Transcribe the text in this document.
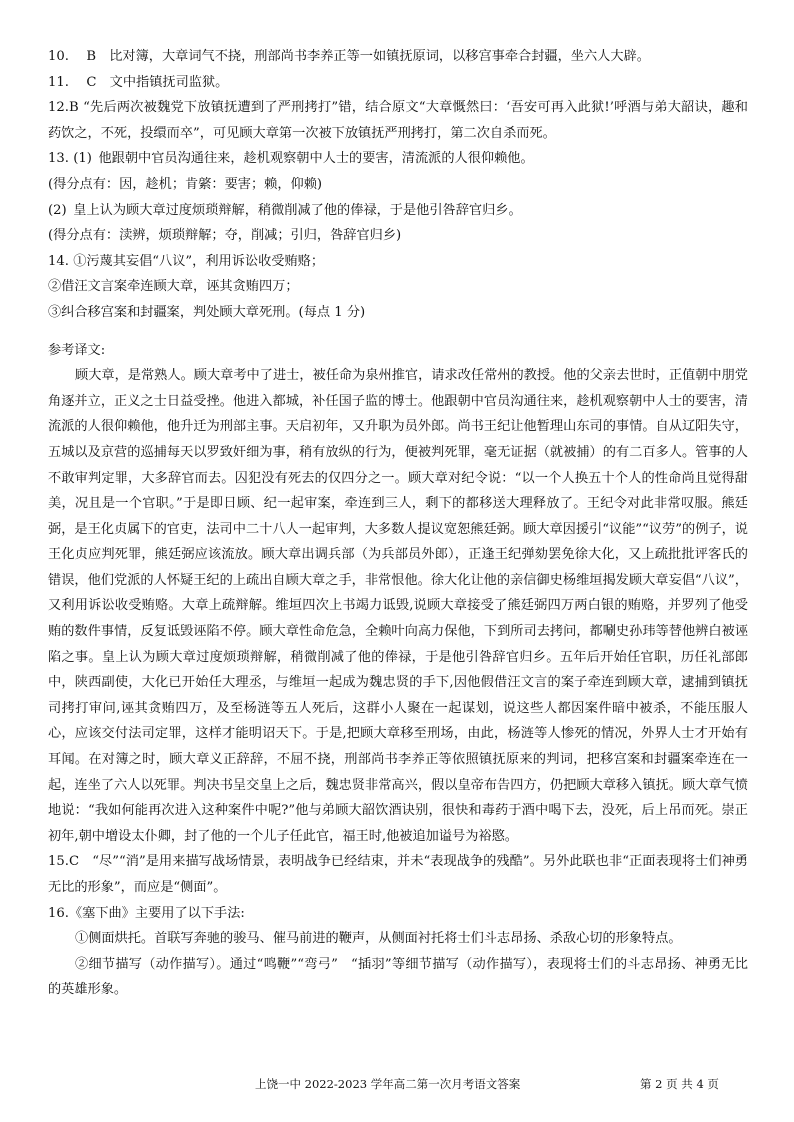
10.  B 比对簿，大章词气不挠，刑部尚书李养正等一如镇抚原词，以移宫事牵合封疆，坐六人大辟。

11.  C 文中指镇抚司监狱。

12.B “先后两次被魏党下放镇抚遭到了严刑拷打”错，结合原文“大章慨然曰：‘吾安可再入此狱!’呼酒与弟大韶诀，趣和药饮之，不死，投缳而卒”，可见顾大章第一次被下放镇抚严刑拷打，第二次自杀而死。

13. (1) 他跟朝中官员沟通往来，趁机观察朝中人士的要害，清流派的人很仰赖他。

(得分点有：因，趁机；肯綮：要害；赖，仰赖)

(2) 皇上认为顾大章过度烦琐辩解，稍微削减了他的俸禄，于是他引咎辞官归乡。

(得分点有：渎辨，烦琐辩解；夺，削减；引归，咎辞官归乡)

14. ①污蔑其妄倡“八议”，利用诉讼收受贿赂；

②借汪文言案牵连顾大章，诬其贪贿四万；

③纠合移宫案和封疆案，判处顾大章死刑。(每点 1 分)

参考译文:

顾大章，是常熟人。顾大章考中了进士，被任命为泉州推官，请求改任常州的教授。他的父亲去世时，正值朝中朋党角逐并立，正义之士日益受挫。他进入都城，补任国子监的博士。他跟朝中官员沟通往来，趁机观察朝中人士的要害，清流派的人很仰赖他，他升迁为刑部主事。天启初年，又升职为员外郎。尚书王纪让他暂理山东司的事情。自从辽阳失守，五城以及京营的巡捕每天以罗致奸细为事，稍有放纵的行为，便被判死罪，毫无证据（就被捕）的有二百多人。管事的人不敢审判定罪，大多辞官而去。囚犯没有死去的仅四分之一。顾大章对纪令说：“以一个人换五十个人的性命尚且觉得甜美，况且是一个官职。”于是即日顾、纪一起审案，牵连到三人，剩下的都移送大理释放了。王纪令对此非常叹服。熊廷弼，是王化贞属下的官吏，法司中二十八人一起审判，大多数人提议宽恕熊廷弼。顾大章因援引“议能”“议劳”的例子，说王化贞应判死罪，熊廷弼应该流放。顾大章出调兵部（为兵部员外郎），正逢王纪弹劾罢免徐大化，又上疏批批评客氏的错误，他们党派的人怀疑王纪的上疏出自顾大章之手，非常恨他。徐大化让他的亲信御史杨维垣揭发顾大章妄倡“八议”，又利用诉讼收受贿赂。大章上疏辩解。维垣四次上书竭力诋毁,说顾大章接受了熊廷弼四万两白银的贿赂，并罗列了他受贿的数件事情，反复诋毁诬陷不停。顾大章性命危急，全赖叶向高力保他，下到所司去拷问，都唰史孙玮等替他辨白被诬陷之事。皇上认为顾大章过度烦琐辩解，稍微削减了他的俸禄，于是他引咎辞官归乡。五年后开始任官职，历任礼部郎中，陕西副使，大化已开始任大理丞，与维垣一起成为魏忠贤的手下,因他假借汪文言的案子牵连到顾大章，逮捕到镇抚司拷打审问,诬其贪贿四万，及至杨涟等五人死后，这群小人聚在一起谋划，说这些人都因案件暗中被杀，不能压服人心，应该交付法司定罪，这样才能明诏天下。于是,把顾大章移至刑场，由此，杨涟等人惨死的情况，外界人士才开始有耳闻。在对簿之时，顾大章义正辞辞，不屈不挠，刑部尚书李养正等依照镇抚原来的判词，把移宫案和封疆案牵连在一起，连坐了六人以死罪。判决书呈交皇上之后，魏忠贤非常高兴，假以皇帝布告四方，仍把顾大章移入镇抚。顾大章气愤地说：“我如何能再次进入这种案件中呢?”他与弟顾大韶饮酒诀别，很快和毒药于酒中喝下去，没死，后上吊而死。崇正初年,朝中增设太仆卿，封了他的一个儿子任此官，福王时,他被追加谥号为裕愍。

15.C “尽”“消”是用来描写战场情景，表明战争已经结束，并未“表现战争的残酷”。另外此联也非“正面表现将士们神勇无比的形象”，而应是“侧面”。

16.《塞下曲》主要用了以下手法:

①侧面烘托。首联写奔驰的骏马、催马前进的鞭声，从侧面衬托将士们斗志昂扬、杀敌心切的形象特点。

②细节描写（动作描写）。通过“鸣鞭”“弯弓” “插羽”等细节描写（动作描写），表现将士们的斗志昂扬、神勇无比的英雄形象。

上饶一中 2022-2023 学年高二第一次月考语文答案	第 2 页 共 4 页
